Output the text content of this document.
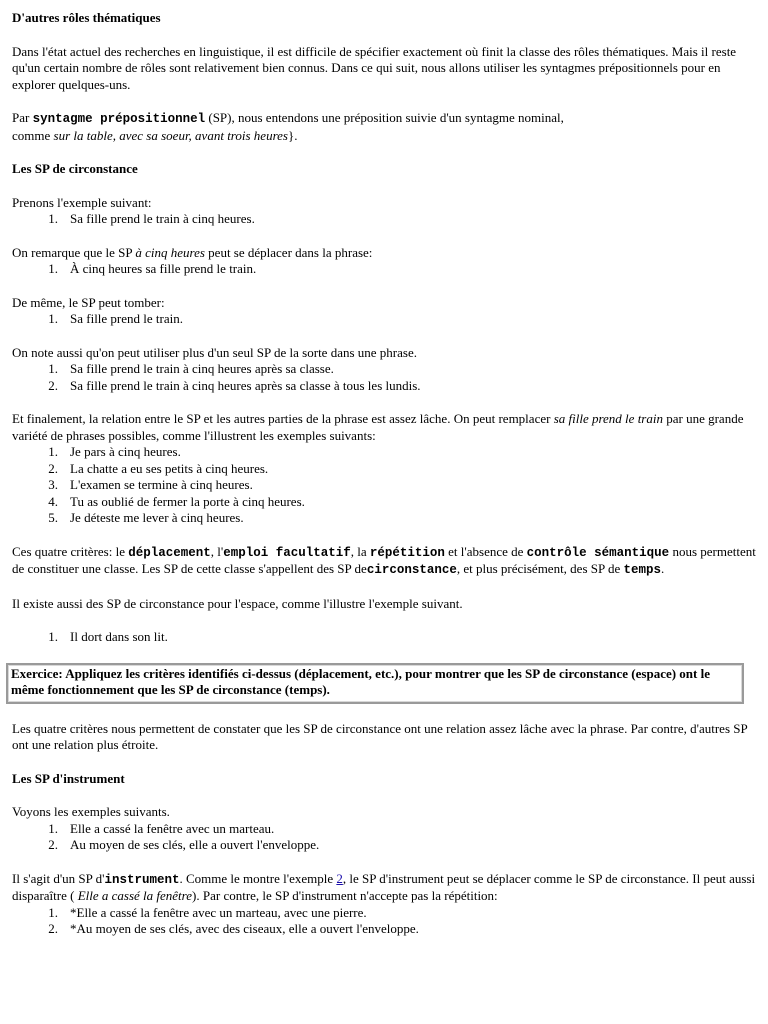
D'autres rôles thématiques

Dans l'état actuel des recherches en linguistique, il est difficile de spécifier exactement où finit la classe des rôles thématiques. Mais il reste qu'un certain nombre de rôles sont relativement bien connus. Dans ce qui suit, nous allons utiliser les syntagmes prépositionnels pour en explorer quelques-uns.

Par syntagme prépositionnel (SP), nous entendons une préposition suivie d'un syntagme nominal,
comme sur la table, avec sa soeur, avant trois heures}.

Les SP de circonstance

Prenons l'exemple suivant:

1. Sa fille prend le train à cinq heures.

On remarque que le SP à cinq heures peut se déplacer dans la phrase:

1. À cinq heures sa fille prend le train.

De même, le SP peut tomber:

1. Sa fille prend le train.

On note aussi qu'on peut utiliser plus d'un seul SP de la sorte dans une phrase.

1. Sa fille prend le train à cinq heures après sa classe.
2. Sa fille prend le train à cinq heures après sa classe à tous les lundis.

Et finalement, la relation entre le SP et les autres parties de la phrase est assez lâche. On peut remplacer sa fille prend le train par une grande variété de phrases possibles, comme l'illustrent les exemples suivants:

1. Je pars à cinq heures.
2. La chatte a eu ses petits à cinq heures.
3. L'examen se termine à cinq heures.
4. Tu as oublié de fermer la porte à cinq heures.
5. Je déteste me lever à cinq heures.

Ces quatre critères: le déplacement, l'emploi facultatif, la répétition et l'absence de contrôle sémantique nous permettent de constituer une classe. Les SP de cette classe s'appellent des SP decirconstance, et plus précisément, des SP de temps.

Il existe aussi des SP de circonstance pour l'espace, comme l'illustre l'exemple suivant.

1. Il dort dans son lit.
Exercice: Appliquez les critères identifiés ci-dessus (déplacement, etc.), pour montrer que les SP de circonstance (espace) ont le même fonctionnement que les SP de circonstance (temps).

Les quatre critères nous permettent de constater que les SP de circonstance ont une relation assez lâche avec la phrase. Par contre, d'autres SP ont une relation plus étroite.

Les SP d'instrument

Voyons les exemples suivants.

1. Elle a cassé la fenêtre avec un marteau.
2. Au moyen de ses clés, elle a ouvert l'enveloppe.

Il s'agit d'un SP d'instrument. Comme le montre l'exemple 2, le SP d'instrument peut se déplacer comme le SP de circonstance. Il peut aussi disparaître ( Elle a cassé la fenêtre). Par contre, le SP d'instrument n'accepte pas la répétition:

1. *Elle a cassé la fenêtre avec un marteau, avec une pierre.
2. *Au moyen de ses clés, avec des ciseaux, elle a ouvert l'enveloppe.
